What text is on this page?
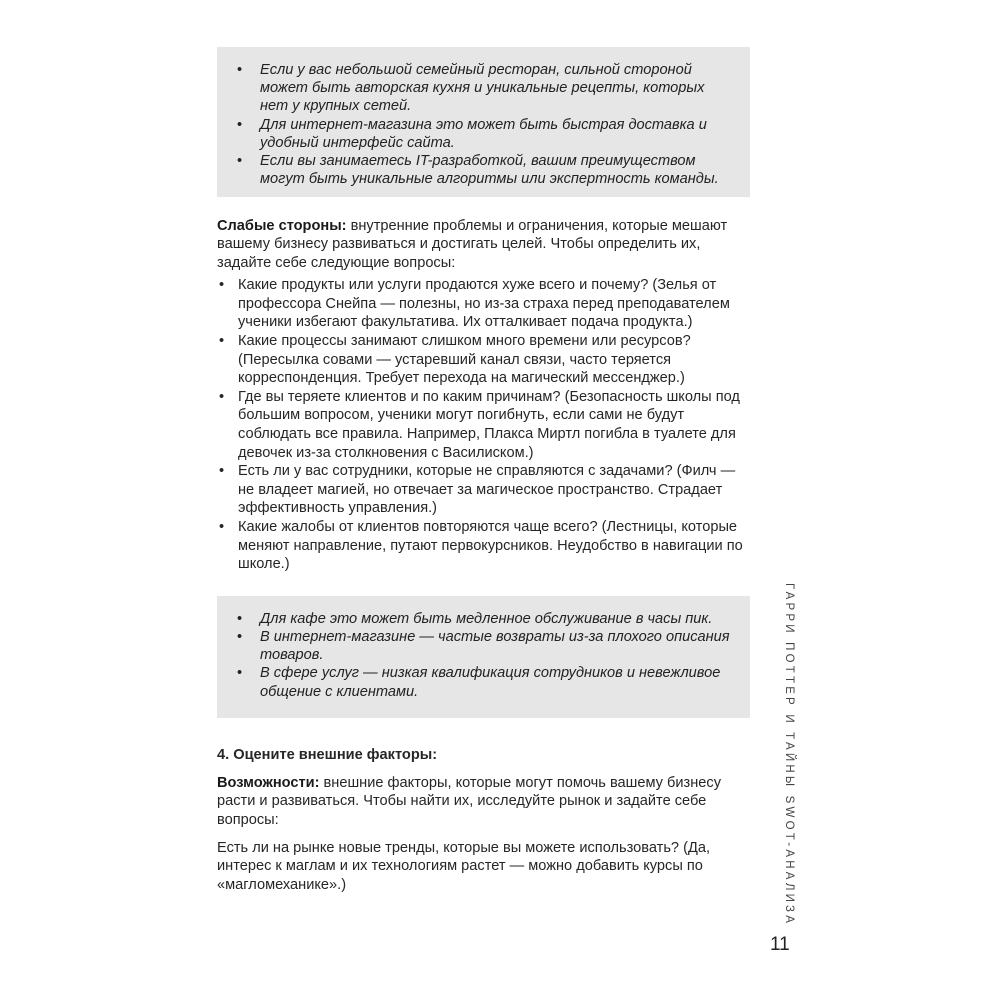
• Если у вас небольшой семейный ресторан, сильной стороной может быть авторская кухня и уникальные рецепты, которых нет у крупных сетей.
• Для интернет-магазина это может быть быстрая доставка и удобный интерфейс сайта.
• Если вы занимаетесь IT-разработкой, вашим преимуществом могут быть уникальные алгоритмы или экспертность команды.

Слабые стороны: внутренние проблемы и ограничения, которые мешают вашему бизнесу развиваться и достигать целей. Чтобы определить их, задайте себе следующие вопросы:

• Какие продукты или услуги продаются хуже всего и почему? (Зелья от профессора Снейпа — полезны, но из-за страха перед преподавателем ученики избегают факультатива. Их отталкивает подача продукта.)
• Какие процессы занимают слишком много времени или ресурсов? (Пересылка совами — устаревший канал связи, часто теряется корреспонденция. Требует перехода на магический мессенджер.)
• Где вы теряете клиентов и по каким причинам? (Безопасность школы под большим вопросом, ученики могут погибнуть, если сами не будут соблюдать все правила. Например, Плакса Миртл погибла в туалете для девочек из-за столкновения с Василиском.)
• Есть ли у вас сотрудники, которые не справляются с задачами? (Филч — не владеет магией, но отвечает за магическое пространство. Страдает эффективность управления.)
• Какие жалобы от клиентов повторяются чаще всего? (Лестницы, которые меняют направление, путают первокурсников. Неудобство в навигации по школе.)
• Для кафе это может быть медленное обслуживание в часы пик.
• В интернет-магазине — частые возвраты из-за плохого описания товаров.
• В сфере услуг — низкая квалификация сотрудников и невежливое общение с клиентами.
4. Оцените внешние факторы:

Возможности: внешние факторы, которые могут помочь вашему бизнесу расти и развиваться. Чтобы найти их, исследуйте рынок и задайте себе вопросы:

Есть ли на рынке новые тренды, которые вы можете использовать? (Да, интерес к маглам и их технологиям растет — можно добавить курсы по «магломеханике».)	ГАРРИ ПОТТЕР И ТАЙНЫ SWOT-АНАЛИЗА
11
